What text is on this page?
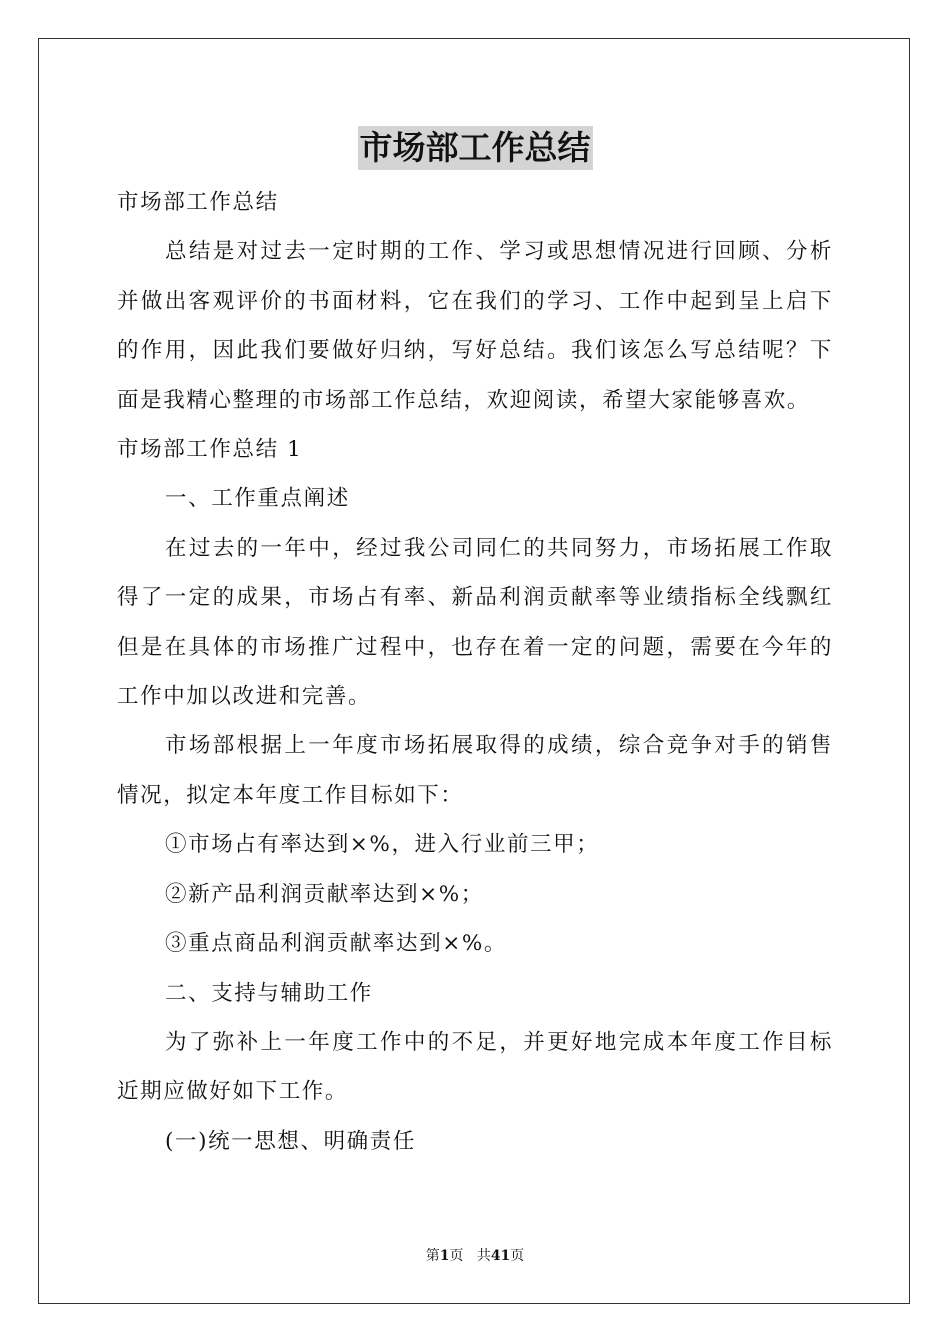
市场部工作总结

市场部工作总结

总结是对过去一定时期的工作、学习或思想情况进行回顾、分析并做出客观评价的书面材料，它在我们的学习、工作中起到呈上启下的作用，因此我们要做好归纳，写好总结。我们该怎么写总结呢？下面是我精心整理的市场部工作总结，欢迎阅读，希望大家能够喜欢。

市场部工作总结 1

一、工作重点阐述

在过去的一年中，经过我公司同仁的共同努力，市场拓展工作取得了一定的成果，市场占有率、新品利润贡献率等业绩指标全线飘红但是在具体的市场推广过程中，也存在着一定的问题，需要在今年的工作中加以改进和完善。

市场部根据上一年度市场拓展取得的成绩，综合竞争对手的销售情况，拟定本年度工作目标如下：

①市场占有率达到×%，进入行业前三甲；

②新产品利润贡献率达到×%；

③重点商品利润贡献率达到×%。

二、支持与辅助工作

为了弥补上一年度工作中的不足，并更好地完成本年度工作目标近期应做好如下工作。

(一)统一思想、明确责任

第1页 共41页
